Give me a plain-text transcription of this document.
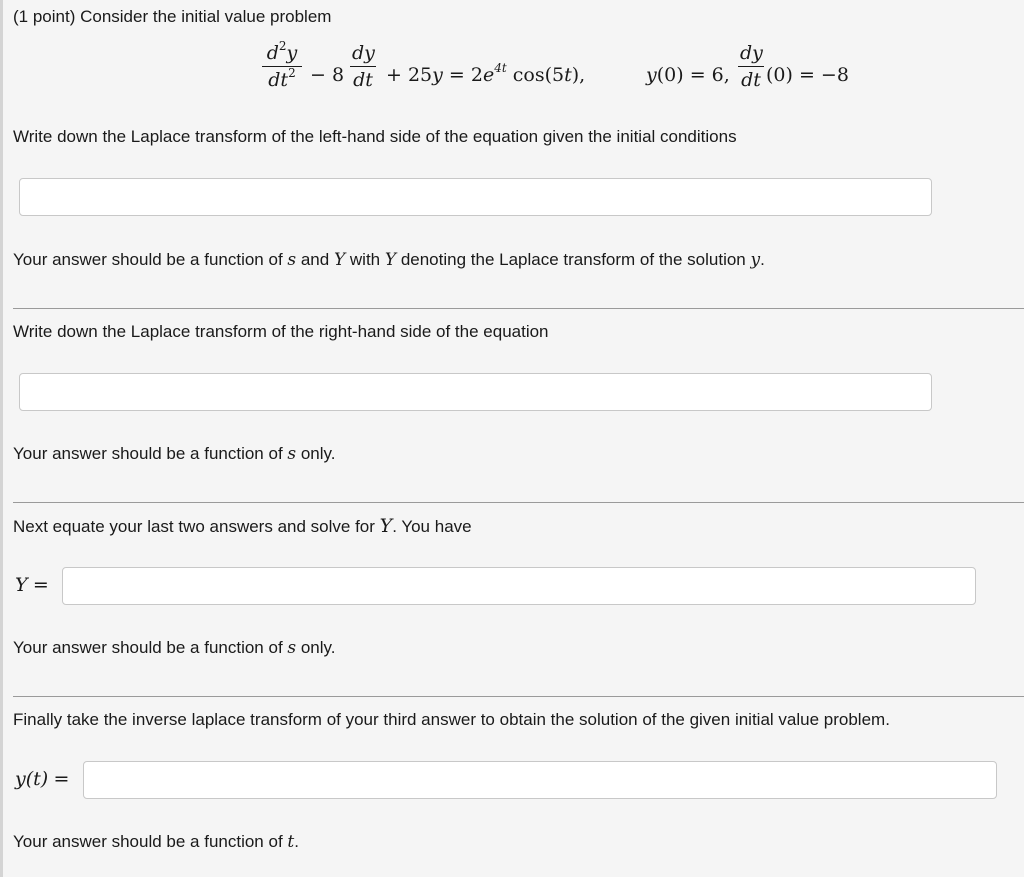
(1 point) Consider the initial value problem
$d^2y$
$dt^2 - 8$
dy
dt + $25y = 2e^{4t}$ cos(5t),	y(0) = 6,
dy
dt (0) = −8
Write down the Laplace transform of the left-hand side of the equation given the initial conditions
Your answer should be a function of s and Y with Y denoting the Laplace transform of the solution y.
Write down the Laplace transform of the right-hand side of the equation
Your answer should be a function of s only.
Next equate your last two answers and solve for Y. You have
Y =
Your answer should be a function of s only.
Finally take the inverse laplace transform of your third answer to obtain the solution of the given initial value problem.
y(t) =
Your answer should be a function of t.
